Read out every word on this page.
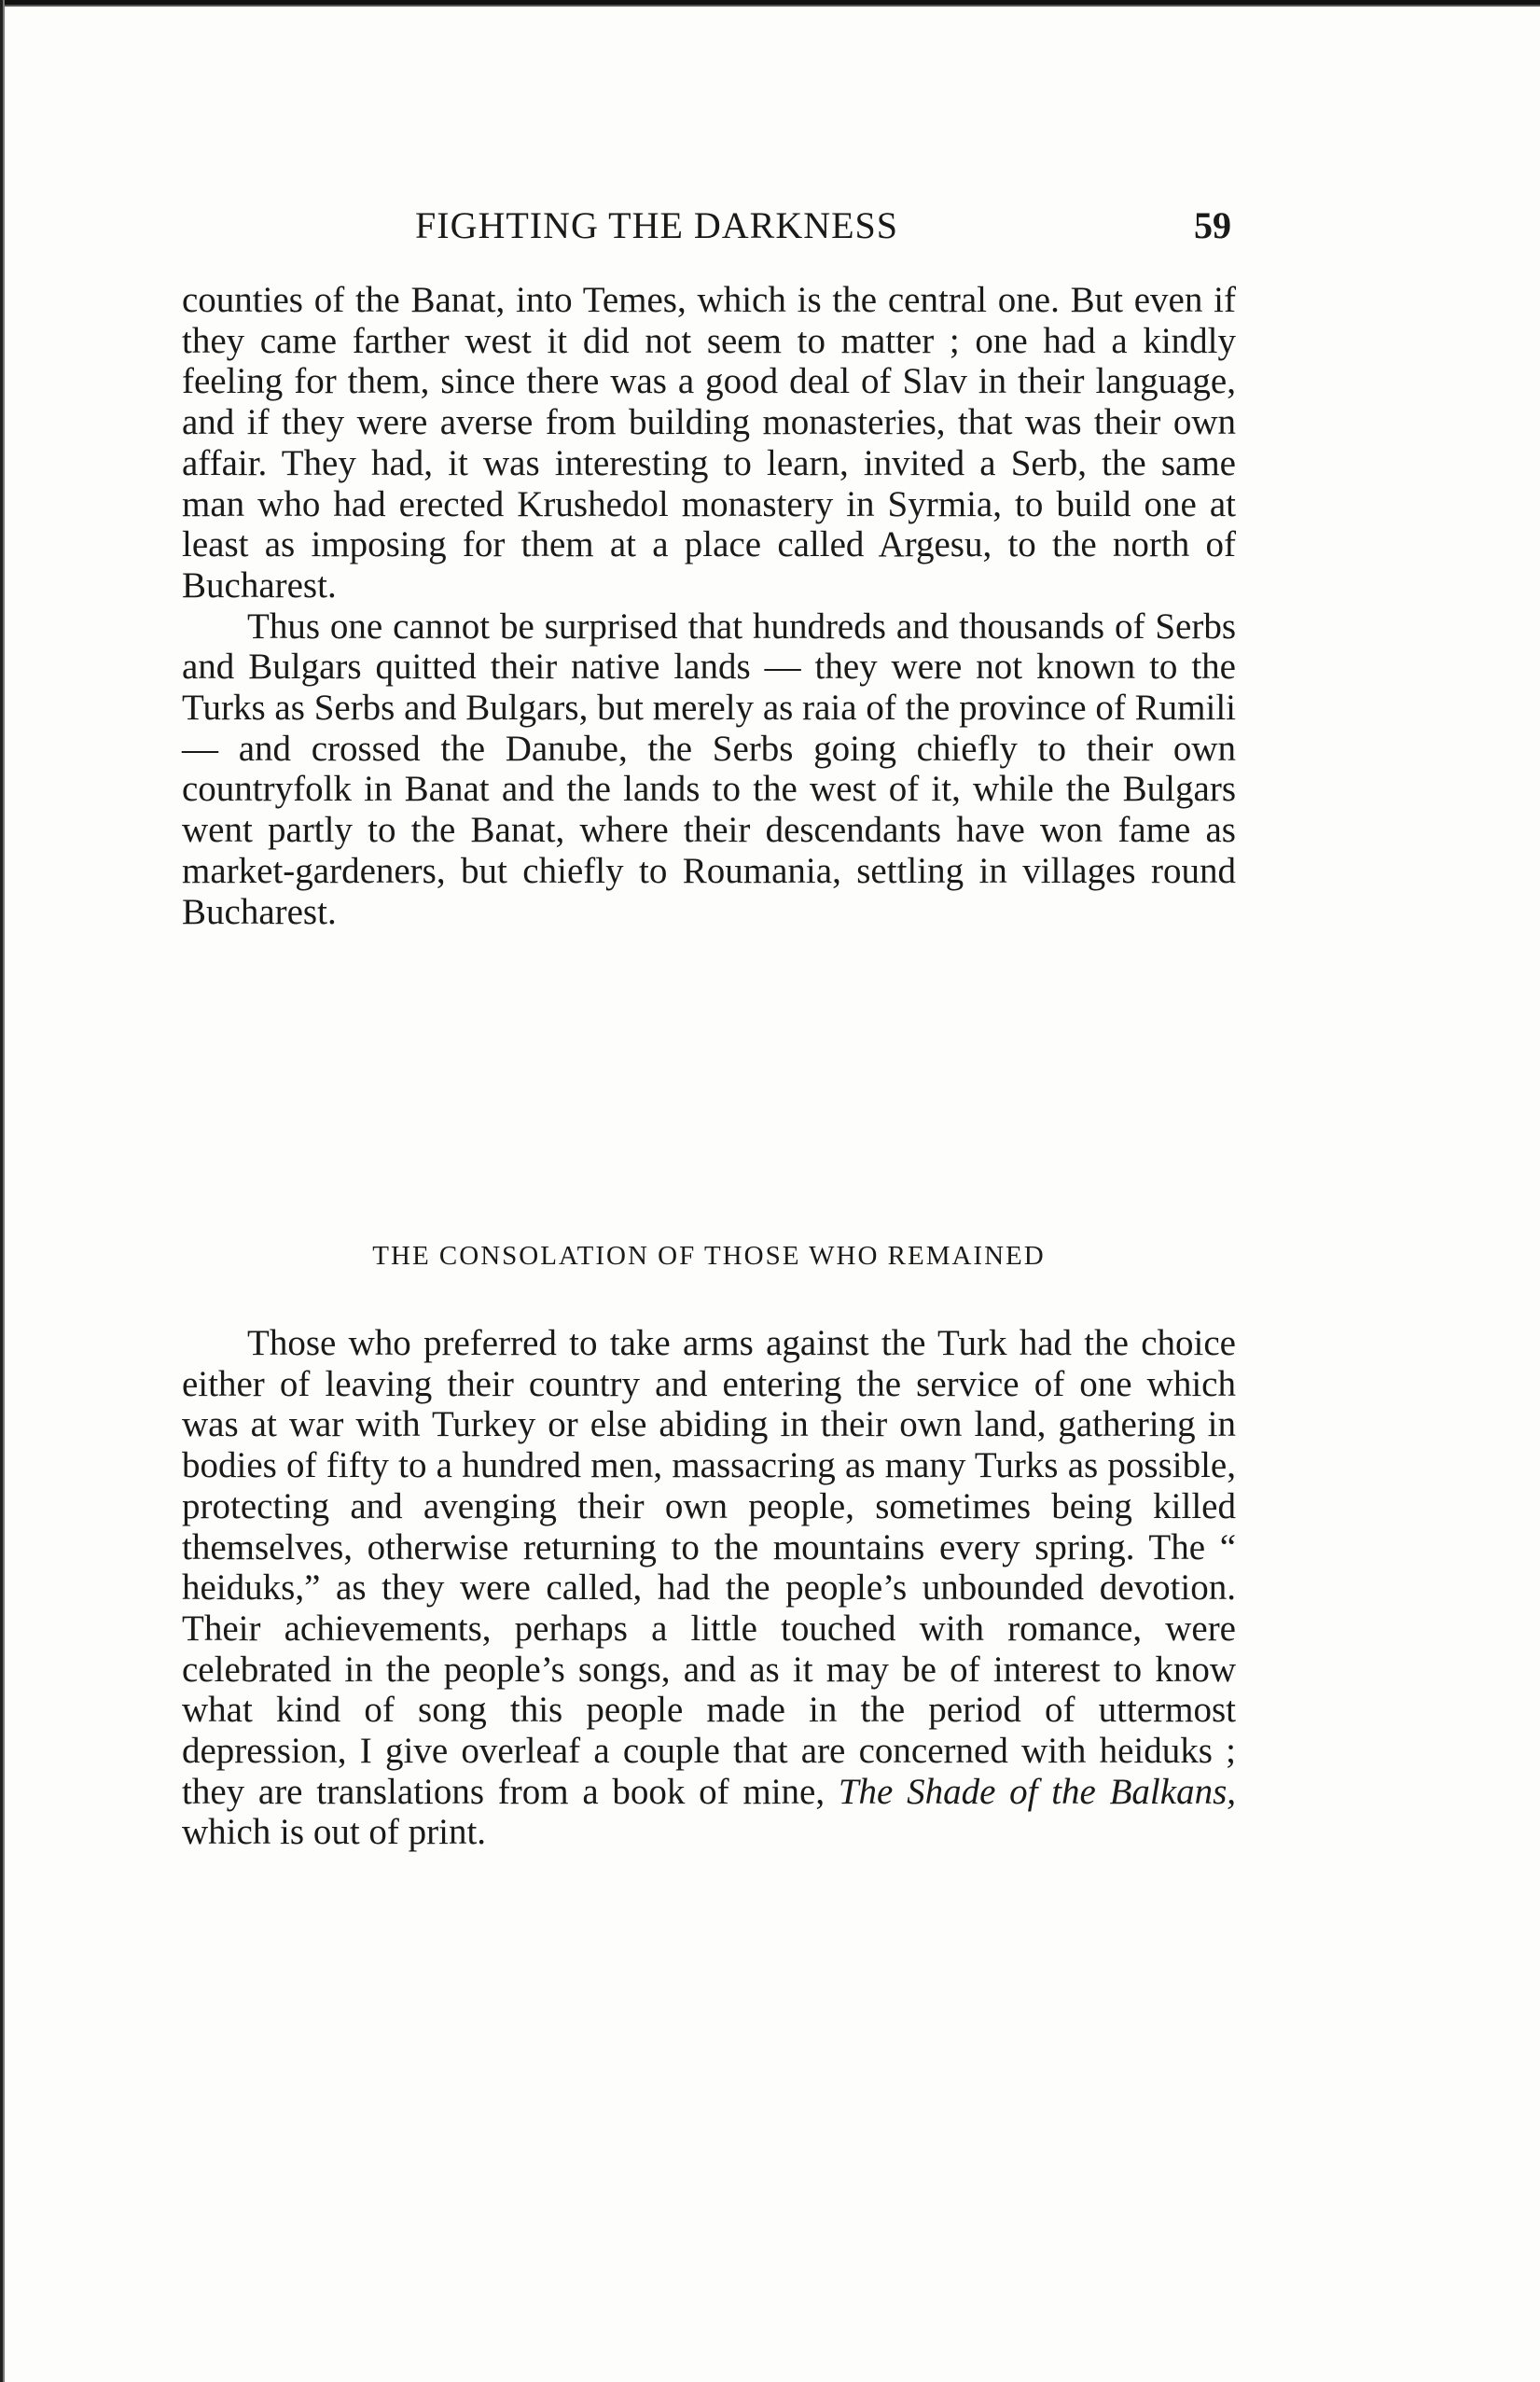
FIGHTING THE DARKNESS	59

counties of the Banat, into Temes, which is the central one. But even if they came farther west it did not seem to matter ; one had a kindly feeling for them, since there was a good deal of Slav in their language, and if they were averse from building monasteries, that was their own affair. They had, it was interesting to learn, invited a Serb, the same man who had erected Krushedol monastery in Syrmia, to build one at least as imposing for them at a place called Argesu, to the north of Bucharest.

Thus one cannot be surprised that hundreds and thousands of Serbs and Bulgars quitted their native lands — they were not known to the Turks as Serbs and Bulgars, but merely as raia of the province of Rumili — and crossed the Danube, the Serbs going chiefly to their own countryfolk in Banat and the lands to the west of it, while the Bulgars went partly to the Banat, where their descendants have won fame as market-gardeners, but chiefly to Roumania, settling in villages round Bucharest.

THE CONSOLATION OF THOSE WHO REMAINED

Those who preferred to take arms against the Turk had the choice either of leaving their country and entering the service of one which was at war with Turkey or else abiding in their own land, gathering in bodies of fifty to a hundred men, massacring as many Turks as possible, protecting and avenging their own people, sometimes being killed themselves, otherwise returning to the mountains every spring. The “ heiduks,” as they were called, had the people’s unbounded devotion. Their achievements, perhaps a little touched with romance, were celebrated in the people’s songs, and as it may be of interest to know what kind of song this people made in the period of uttermost depression, I give overleaf a couple that are concerned with heiduks ; they are translations from a book of mine, The Shade of the Balkans, which is out of print.
